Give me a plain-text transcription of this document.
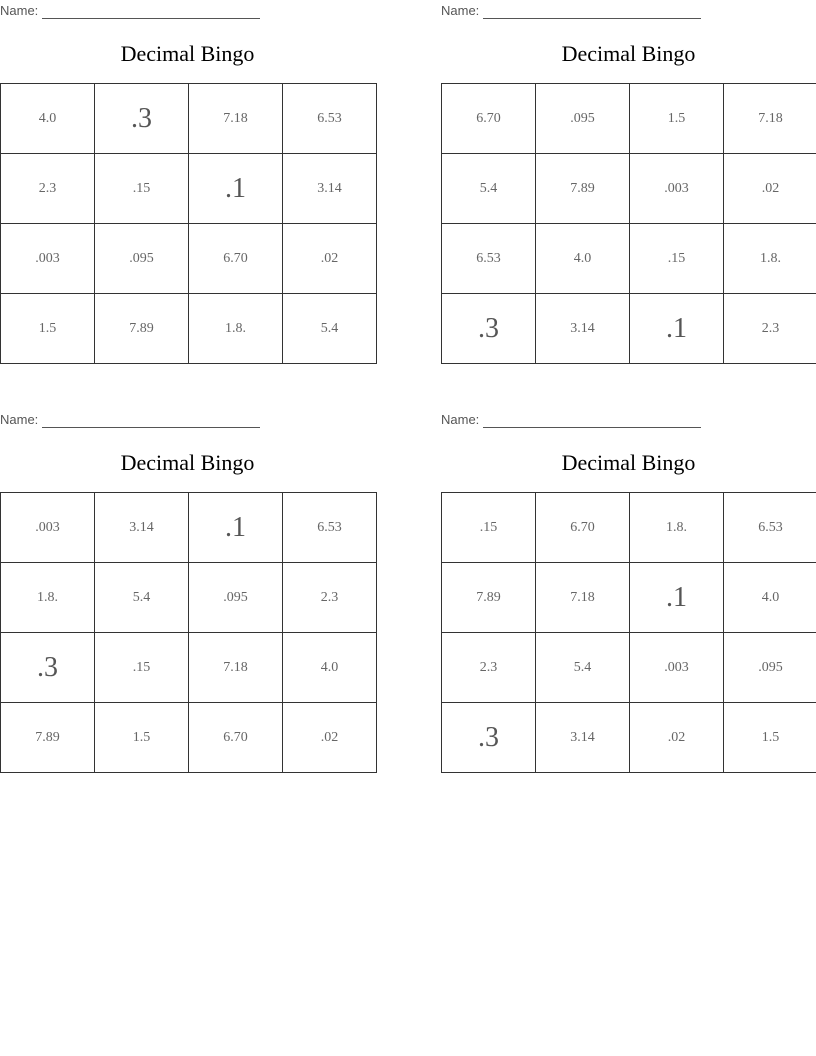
Name:
Decimal Bingo
4.0	.3	7.18	6.53
2.3	.15	.1	3.14
.003	.095	6.70	.02
1.5	7.89	1.8.	5.4
Name:
Decimal Bingo
6.70	.095	1.5	7.18
5.4	7.89	.003	.02
6.53	4.0	.15	1.8.
.3	3.14	.1	2.3
Name:
Decimal Bingo
.003	3.14	.1	6.53
1.8.	5.4	.095	2.3
.3	.15	7.18	4.0
7.89	1.5	6.70	.02
Name:
Decimal Bingo
.15	6.70	1.8.	6.53
7.89	7.18	.1	4.0
2.3	5.4	.003	.095
.3	3.14	.02	1.5
